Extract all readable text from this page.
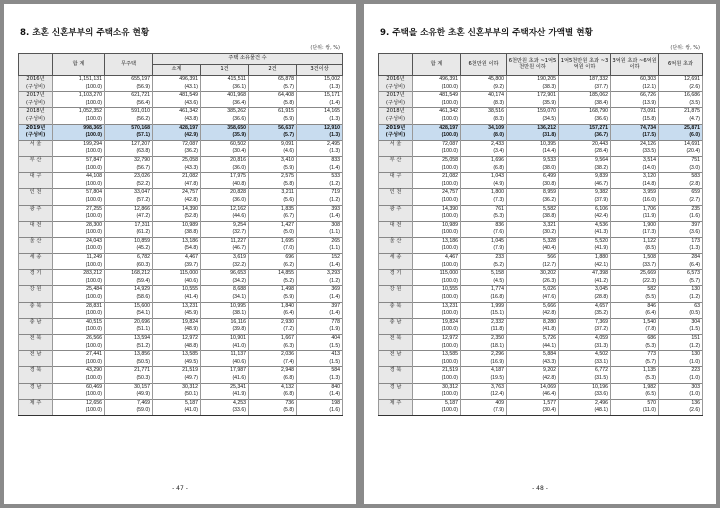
8. 초혼 신혼부부의 주택소유 현황
(단위: 쌍, %)
	합 계	무주택	주택 소유물건 수			
			소계	1건	2건	3건이상
2016년	1,151,131	655,197	496,391	415,511	65,878	15,002
(구성비)	(100.0)	(56.9)	(43.1)	(36.1)	(5.7)	(1.3)
2017년	1,103,270	621,721	481,549	401,968	64,408	15,171
(구성비)	(100.0)	(56.4)	(43.6)	(36.4)	(5.8)	(1.4)
2018년	1,052,352	591,010	461,342	385,262	61,915	14,165
(구성비)	(100.0)	(56.2)	(43.8)	(36.6)	(5.9)	(1.3)
2019년	998,365	570,168	428,197	358,650	56,637	12,910
(구성비)	(100.0)	(57.1)	(42.9)	(35.9)	(5.7)	(1.3)
서 울	199,294	127,207	72,087	60,502	9,091	2,495
	(100.0)	(63.8)	(36.2)	(30.4)	(4.6)	(1.3)
부 산	57,847	32,790	25,058	20,816	3,410	833
	(100.0)	(56.7)	(43.3)	(36.0)	(5.9)	(1.4)
대 구	44,108	23,026	21,082	17,975	2,575	533
	(100.0)	(52.2)	(47.8)	(40.8)	(5.8)	(1.2)
인 천	57,804	33,047	24,757	20,828	3,211	719
	(100.0)	(57.2)	(42.8)	(36.0)	(5.6)	(1.2)
광 주	27,255	12,866	14,390	12,162	1,835	393
	(100.0)	(47.2)	(52.8)	(44.6)	(6.7)	(1.4)
대 전	28,300	17,311	10,989	9,254	1,427	308
	(100.0)	(61.2)	(38.8)	(32.7)	(5.0)	(1.1)
울 산	24,043	10,859	13,186	11,227	1,695	265
	(100.0)	(45.2)	(54.8)	(46.7)	(7.0)	(1.1)
세 종	11,249	6,782	4,467	3,619	696	152
	(100.0)	(60.3)	(39.7)	(32.2)	(6.2)	(1.4)
경 기	283,212	168,212	115,000	96,653	14,855	3,293
	(100.0)	(59.4)	(40.6)	(34.2)	(5.2)	(1.2)
강 원	25,484	14,929	10,555	8,688	1,498	369
	(100.0)	(58.6)	(41.4)	(34.1)	(5.9)	(1.4)
충 북	28,831	15,600	13,231	10,995	1,840	397
	(100.0)	(54.1)	(45.9)	(38.1)	(6.4)	(1.4)
충 남	40,515	20,696	19,824	16,116	2,930	778
	(100.0)	(51.1)	(48.9)	(39.8)	(7.2)	(1.9)
전 북	26,566	13,594	12,972	10,901	1,667	404
	(100.0)	(51.2)	(48.8)	(41.0)	(6.3)	(1.5)
전 남	27,441	13,856	13,585	11,137	2,036	413
	(100.0)	(50.5)	(49.5)	(40.6)	(7.4)	(1.5)
경 북	43,290	21,771	21,519	17,987	2,948	584
	(100.0)	(50.3)	(49.7)	(41.6)	(6.8)	(1.3)
경 남	60,469	30,157	30,312	25,341	4,132	840
	(100.0)	(49.9)	(50.1)	(41.9)	(6.8)	(1.4)
제 주	12,656	7,469	5,187	4,253	736	198
	(100.0)	(59.0)	(41.0)	(33.6)	(5.8)	(1.6)
- 47 -
9. 주택을 소유한 초혼 신혼부부의 주택자산 가액별 현황
(단위: 쌍, %)
	합 계	6천만원 이하	6천만원 초과 ~1억5천만원 이하	1억5천만원 초과 ~3억원 이하	3억원 초과 ~6억원 이하	6억원 초과
2016년	496,391	45,800	190,205	187,332	60,303	12,691
(구성비)	(100.0)	(9.2)	(38.3)	(37.7)	(12.1)	(2.6)
2017년	481,549	40,174	172,901	185,062	66,726	16,686
(구성비)	(100.0)	(8.3)	(35.9)	(38.4)	(13.9)	(3.5)
2018년	461,342	38,516	159,070	168,790	73,091	21,875
(구성비)	(100.0)	(8.3)	(34.5)	(36.6)	(15.8)	(4.7)
2019년	428,197	34,109	136,212	157,271	74,734	25,871
(구성비)	(100.0)	(8.0)	(31.8)	(36.7)	(17.5)	(6.0)
서 울	72,087	2,433	10,395	20,443	24,126	14,691
	(100.0)	(3.4)	(14.4)	(28.4)	(33.5)	(20.4)
부 산	25,058	1,696	9,533	9,564	3,514	751
	(100.0)	(6.8)	(38.0)	(38.2)	(14.0)	(3.0)
대 구	21,082	1,043	6,499	9,839	3,120	583
	(100.0)	(4.9)	(30.8)	(46.7)	(14.8)	(2.8)
인 천	24,757	1,800	8,959	9,382	3,959	659
	(100.0)	(7.3)	(36.2)	(37.9)	(16.0)	(2.7)
광 주	14,390	761	5,582	6,106	1,706	235
	(100.0)	(5.3)	(38.8)	(42.4)	(11.9)	(1.6)
대 전	10,989	836	3,321	4,536	1,900	397
	(100.0)	(7.6)	(30.2)	(41.3)	(17.3)	(3.6)
울 산	13,186	1,045	5,328	5,520	1,122	173
	(100.0)	(7.9)	(40.4)	(41.9)	(8.5)	(1.3)
세 종	4,467	233	566	1,880	1,508	284
	(100.0)	(5.2)	(12.7)	(42.1)	(33.7)	(6.4)
경 기	115,000	5,158	30,202	47,398	25,669	6,573
	(100.0)	(4.5)	(26.3)	(41.2)	(22.3)	(5.7)
강 원	10,555	1,774	5,026	3,045	582	130
	(100.0)	(16.8)	(47.6)	(28.8)	(5.5)	(1.2)
충 북	13,231	1,999	5,666	4,657	846	63
	(100.0)	(15.1)	(42.8)	(35.2)	(6.4)	(0.5)
충 남	19,824	2,332	8,280	7,369	1,540	304
	(100.0)	(11.8)	(41.8)	(37.2)	(7.8)	(1.5)
전 북	12,972	2,350	5,726	4,059	686	151
	(100.0)	(18.1)	(44.1)	(31.3)	(5.3)	(1.2)
전 남	13,585	2,296	5,884	4,502	773	130
	(100.0)	(16.9)	(43.3)	(33.1)	(5.7)	(1.0)
경 북	21,519	4,187	9,202	6,772	1,135	223
	(100.0)	(19.5)	(42.8)	(31.5)	(5.3)	(1.0)
경 남	30,312	3,763	14,069	10,196	1,982	303
	(100.0)	(12.4)	(46.4)	(33.6)	(6.5)	(1.0)
제 주	5,187	409	1,577	2,496	570	136
	(100.0)	(7.9)	(30.4)	(48.1)	(11.0)	(2.6)
- 48 -
